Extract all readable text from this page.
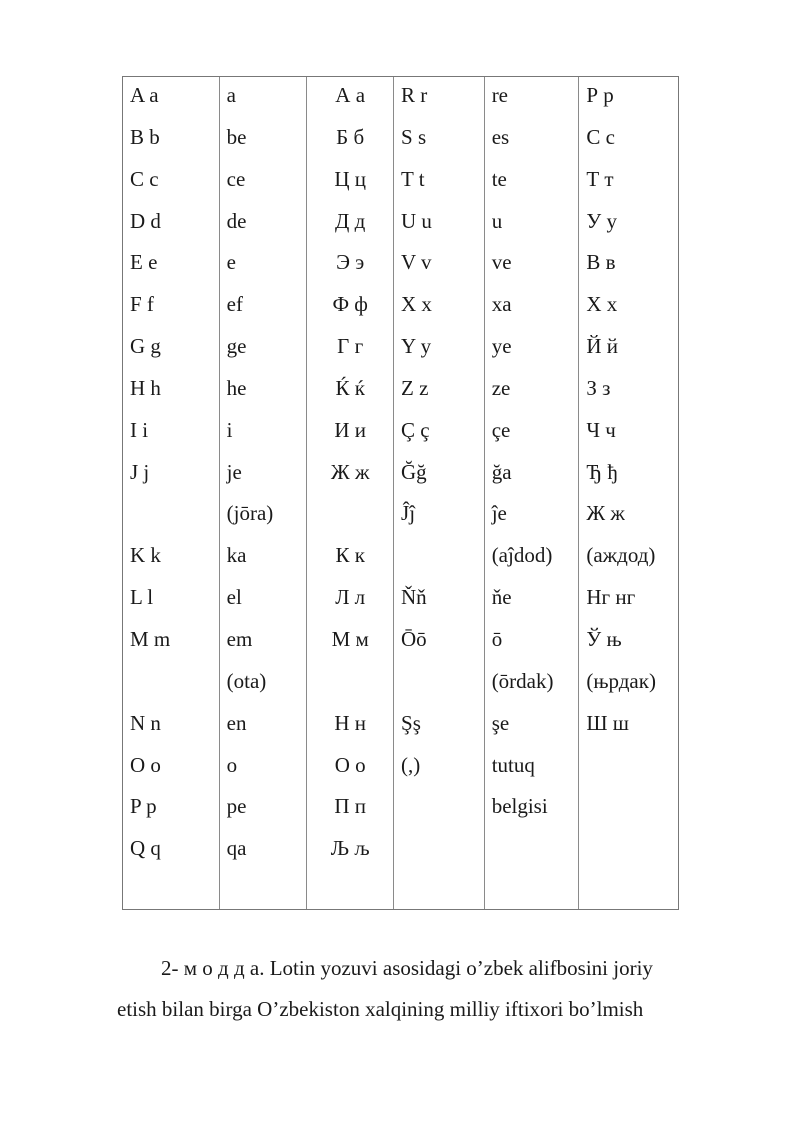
A a
B b
C c
D d
E e
F f
G g
H h
I i
J j
K k
L l
M m
N n
O o
P p
Q q
a
be
ce
de
e
ef
ge
he
i
je
(jōra)
ka
el
em
(ota)
en
o
pe
qa
А а
Б б
Ц ц
Д д
Э э
Ф ф
Г г
Ќ ќ
И и
Ж ж
К к
Л л
М м
Н н
О о
П п
Љ љ
R r
S s
T t
U u
V v
X x
Y y
Z z
Ç ç
Ğğ
Ĵĵ
Ňň
Ōō
Şş
(,)
re
es
te
u
ve
xa
ye
ze
çe
ğa
ĵe
(aĵdod)
ňe
ō
(ōrdak)
şe
tutuq
belgisi
Р р
С с
Т т
У у
В в
Х х
Й й
З з
Ч ч
Ђ ђ
Ж ж
(аждод)
Нг нг
Ў њ
(њрдак)
Ш ш
2- м о д д а. Lotin yozuvi asosidagi o’zbek alifbosini joriy
etish bilan birga O’zbekiston xalqining milliy iftixori bo’lmish
